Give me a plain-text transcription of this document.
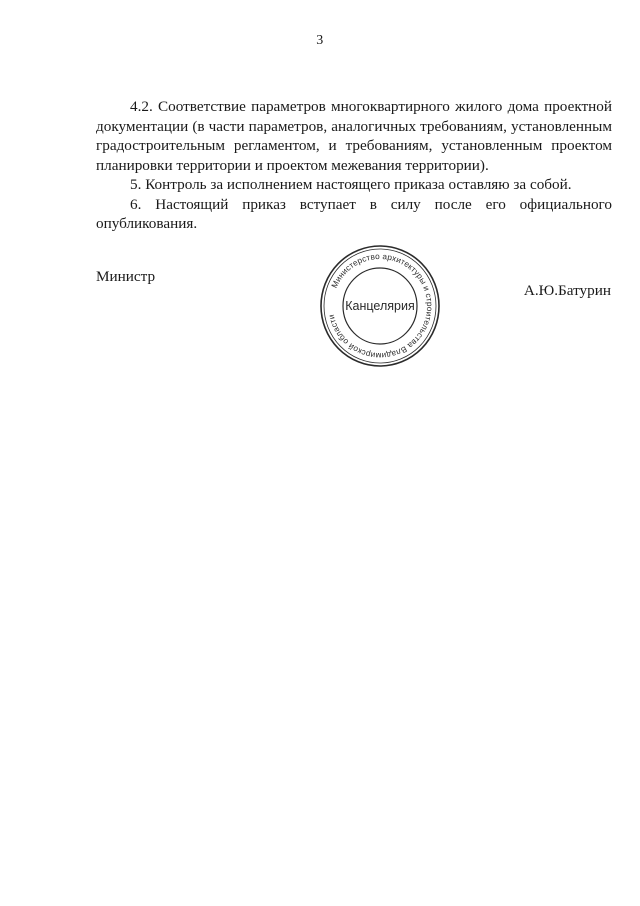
3

4.2. Соответствие параметров многоквартирного жилого дома проектной документации (в части параметров, аналогичных требованиям, установленным градостроительным регламентом, и требованиям, установленным проектом планировки территории и проектом межевания территории).

5. Контроль за исполнением настоящего приказа оставляю за собой.

6. Настоящий приказ вступает в силу после его официального опубликования.

Министр
А.Ю.Батурин
Министерство архитектуры и строительства Владимирской области
Канцелярия
